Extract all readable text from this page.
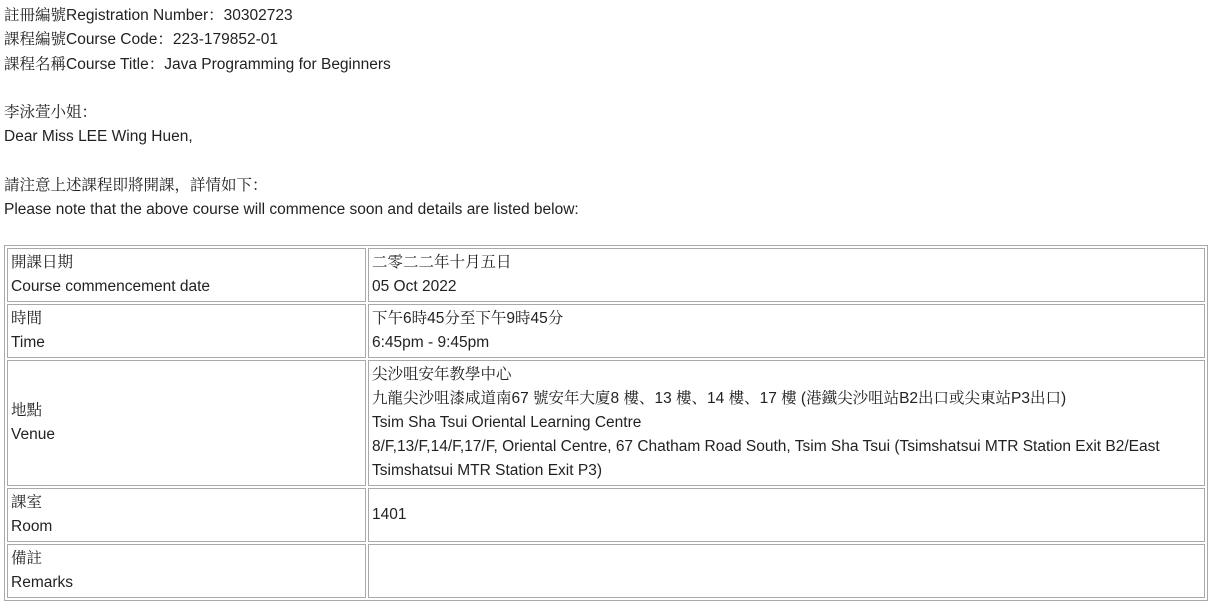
註冊編號Registration Number：30302723
課程編號Course Code：223-179852-01
課程名稱Course Title：Java Programming for Beginners
李泳萱小姐：
Dear Miss LEE Wing Huen,
請注意上述課程即將開課，詳情如下：
Please note that the above course will commence soon and details are listed below:
開課日期
Course commencement date	二零二二年十月五日
05 Oct 2022

時間
Time	下午6時45分至下午9時45分
6:45pm - 9:45pm

地點
Venue	尖沙咀安年教學中心
九龍尖沙咀漆咸道南67 號安年大廈8 樓、13 樓、14 樓、17 樓 (港鐵尖沙咀站B2出口或尖東站P3出口)
Tsim Sha Tsui Oriental Learning Centre
8/F,13/F,14/F,17/F, Oriental Centre, 67 Chatham Road South, Tsim Sha Tsui (Tsimshatsui MTR Station Exit B2/East Tsimshatsui MTR Station Exit P3)

課室
Room	1401

備註
Remarks	
